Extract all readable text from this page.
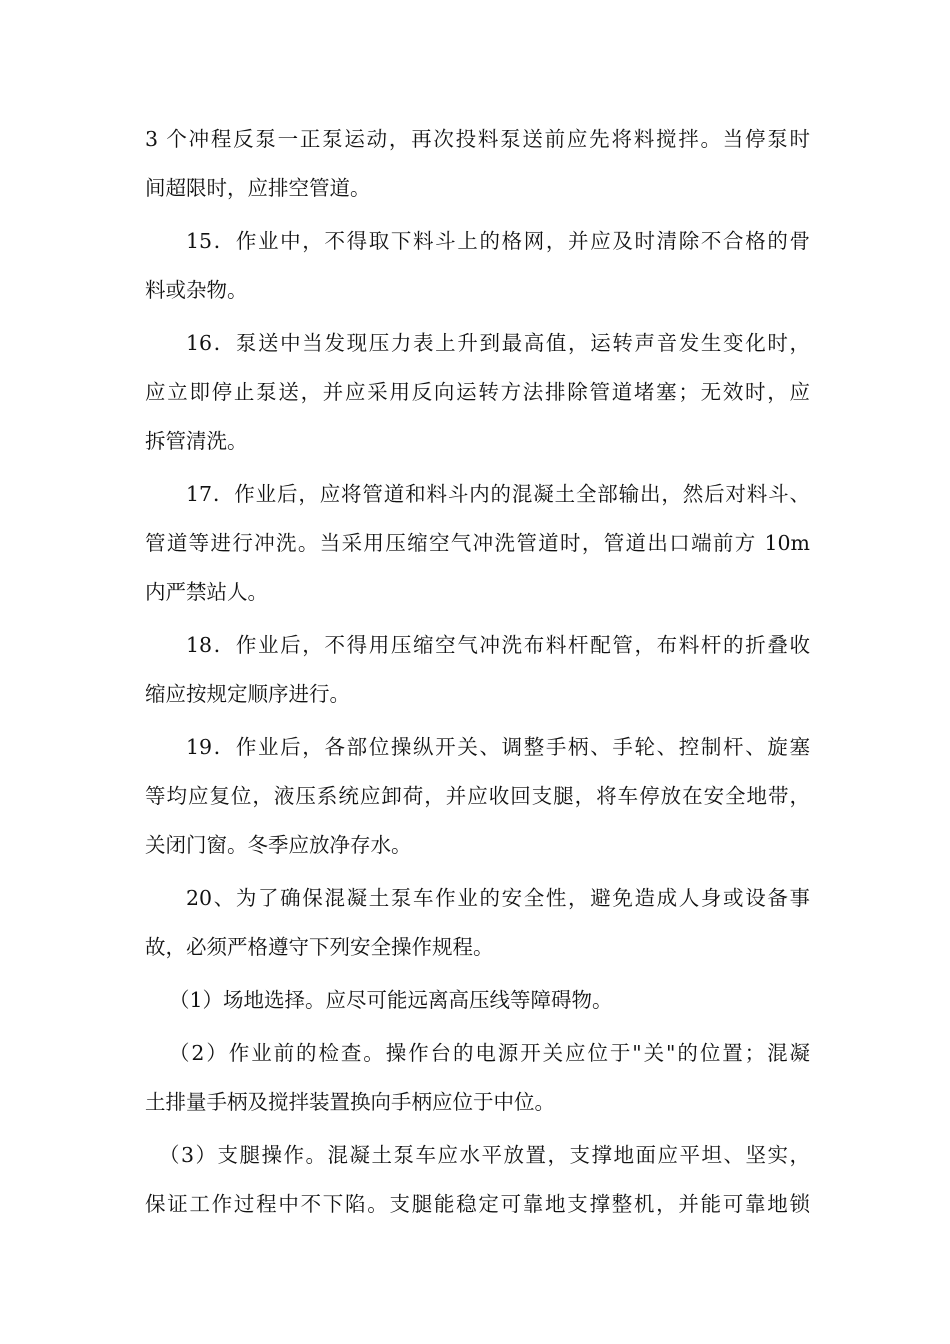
3 个冲程反泵一正泵运动，再次投料泵送前应先将料搅拌。当停泵时
间超限时，应排空管道。
15．作业中，不得取下料斗上的格网，并应及时清除不合格的骨
料或杂物。
16．泵送中当发现压力表上升到最高值，运转声音发生变化时，
应立即停止泵送，并应采用反向运转方法排除管道堵塞；无效时，应
拆管清洗。
17．作业后，应将管道和料斗内的混凝土全部输出，然后对料斗、
管道等进行冲洗。当采用压缩空气冲洗管道时，管道出口端前方 10m
内严禁站人。
18．作业后，不得用压缩空气冲洗布料杆配管，布料杆的折叠收
缩应按规定顺序进行。
19．作业后，各部位操纵开关、调整手柄、手轮、控制杆、旋塞
等均应复位，液压系统应卸荷，并应收回支腿，将车停放在安全地带，
关闭门窗。冬季应放净存水。
20、为了确保混凝土泵车作业的安全性，避免造成人身或设备事
故，必须严格遵守下列安全操作规程。
（1）场地选择。应尽可能远离高压线等障碍物。
（2）作业前的检查。操作台的电源开关应位于"关"的位置；混凝
土排量手柄及搅拌装置换向手柄应位于中位。
（3）支腿操作。混凝土泵车应水平放置，支撑地面应平坦、坚实，
保证工作过程中不下陷。支腿能稳定可靠地支撑整机，并能可靠地锁
